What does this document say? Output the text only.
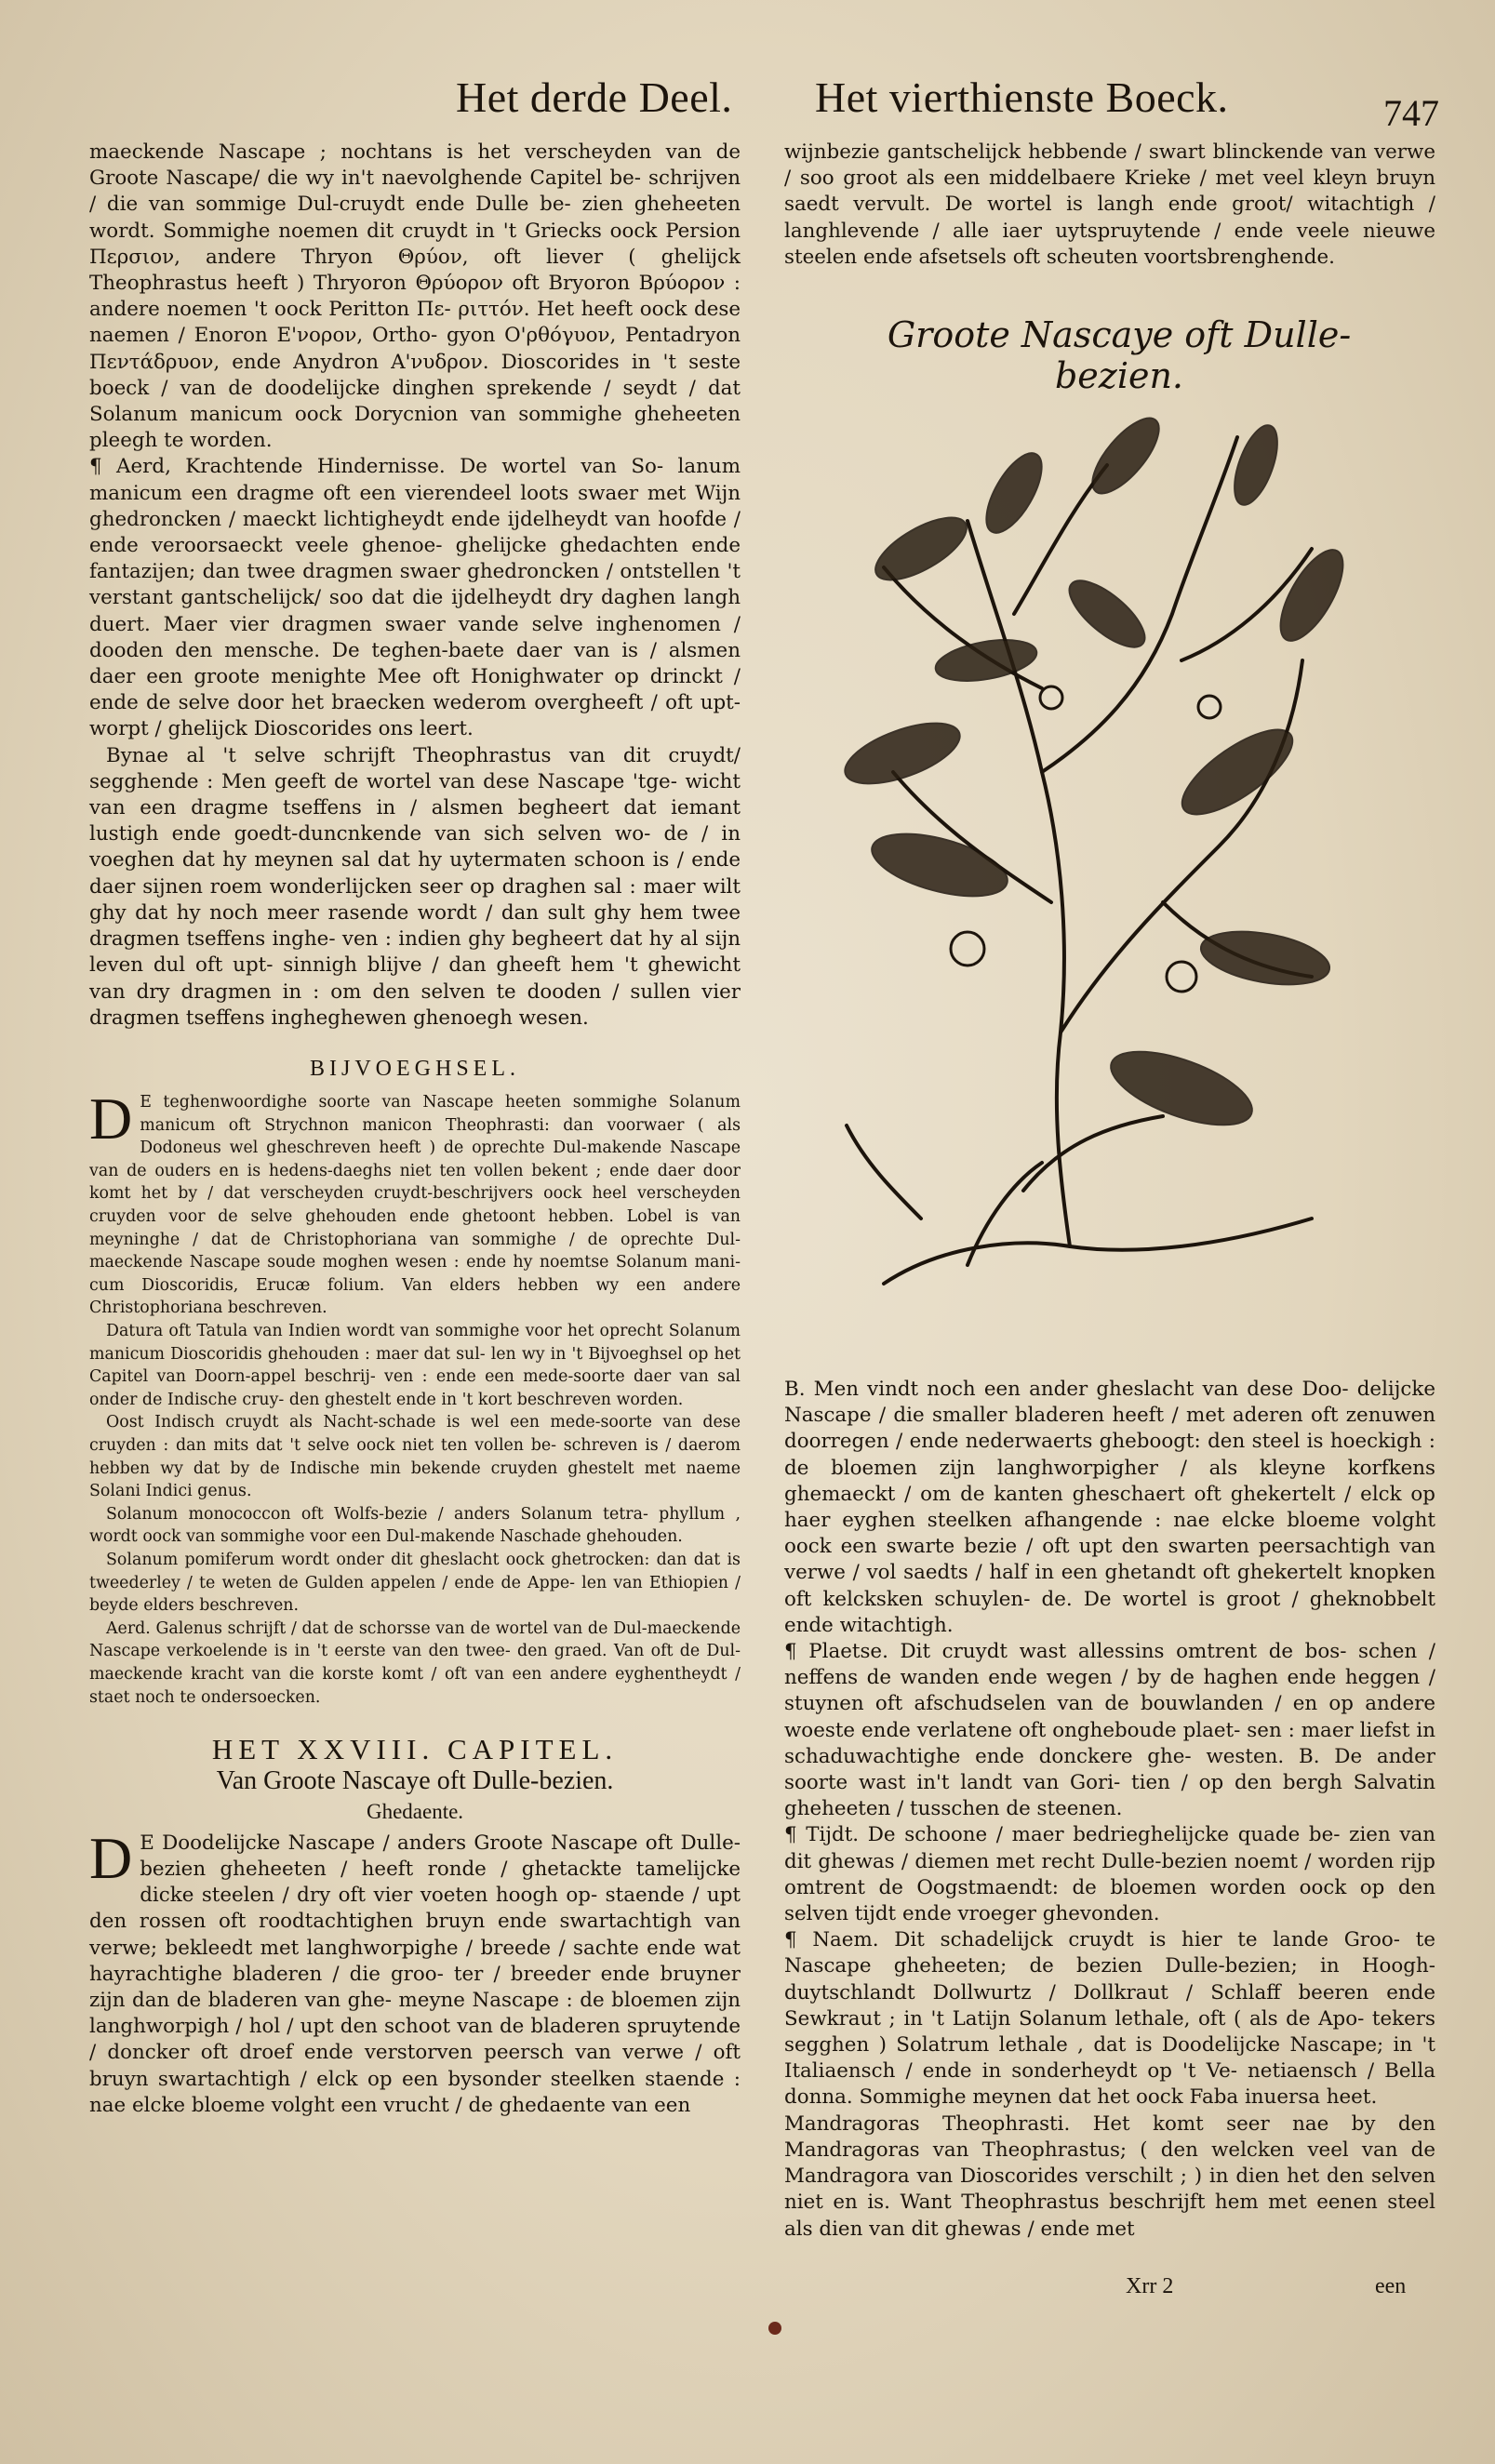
Het derde Deel. Het vierthienste Boeck.	747

maeckende Nascape ; nochtans is het verscheyden van de Groote Nascape/ die wy in't naevolghende Capitel be- schrijven / die van sommige Dul-cruydt ende Dulle be- zien gheheeten wordt. Sommighe noemen dit cruydt in 't Griecks oock Persion Περσιον, andere Thryon Θρύον, oft liever ( ghelijck Theophrastus heeft ) Thryoron Θρύορον oft Bryoron Βρύορον : andere noemen 't oock Peritton Πε- ριττόν. Het heeft oock dese naemen / Enoron Ε'νορον, Ortho- gyon Ο'ρθόγυον, Pentadryon Πεντάδρυον, ende Anydron Α'νυδρον. Dioscorides in 't seste boeck / van de doodelijcke dinghen sprekende / seydt / dat Solanum manicum oock Dorycnion van sommighe gheheeten pleegh te worden.

¶ Aerd, Krachtende Hindernisse. De wortel van So- lanum manicum een dragme oft een vierendeel loots swaer met Wijn ghedroncken / maeckt lichtigheydt ende ijdelheydt van hoofde / ende veroorsaeckt veele ghenoe- ghelijcke ghedachten ende fantazijen; dan twee dragmen swaer ghedroncken / ontstellen 't verstant gantschelijck/ soo dat die ijdelheydt dry daghen langh duert. Maer vier dragmen swaer vande selve inghenomen / dooden den mensche. De teghen-baete daer van is / alsmen daer een groote menighte Mee oft Honighwater op drinckt / ende de selve door het braecken wederom overgheeft / oft upt- worpt / ghelijck Dioscorides ons leert.

Bynae al 't selve schrijft Theophrastus van dit cruydt/ segghende : Men geeft de wortel van dese Nascape 'tge- wicht van een dragme tseffens in / alsmen begheert dat iemant lustigh ende goedt-duncnkende van sich selven wo- de / in voeghen dat hy meynen sal dat hy uytermaten schoon is / ende daer sijnen roem wonderlijcken seer op draghen sal : maer wilt ghy dat hy noch meer rasende wordt / dan sult ghy hem twee dragmen tseffens inghe- ven : indien ghy begheert dat hy al sijn leven dul oft upt- sinnigh blijve / dan gheeft hem 't ghewicht van dry dragmen in : om den selven te dooden / sullen vier dragmen tseffens ingheghewen ghenoegh wesen.

BIJVOEGHSEL.

D E teghenwoordighe soorte van Nascape heeten sommighe Solanum manicum oft Strychnon manicon Theophrasti: dan voorwaer ( als Dodoneus wel gheschreven heeft ) de oprechte Dul-makende Nascape van de ouders en is hedens-daeghs niet ten vollen bekent ; ende daer door komt het by / dat verscheyden cruydt-beschrijvers oock heel verscheyden cruyden voor de selve ghehouden ende ghetoont hebben. Lobel is van meyninghe / dat de Christophoriana van sommighe / de oprechte Dul-maeckende Nascape soude moghen wesen : ende hy noemtse Solanum mani- cum Dioscoridis, Erucæ folium. Van elders hebben wy een andere Christophoriana beschreven.

Datura oft Tatula van Indien wordt van sommighe voor het oprecht Solanum manicum Dioscoridis ghehouden : maer dat sul- len wy in 't Bijvoeghsel op het Capitel van Doorn-appel beschrij- ven : ende een mede-soorte daer van sal onder de Indische cruy- den ghestelt ende in 't kort beschreven worden.

Oost Indisch cruydt als Nacht-schade is wel een mede-soorte van dese cruyden : dan mits dat 't selve oock niet ten vollen be- schreven is / daerom hebben wy dat by de Indische min bekende cruyden ghestelt met naeme Solani Indici genus.

Solanum monococcon oft Wolfs-bezie / anders Solanum tetra- phyllum , wordt oock van sommighe voor een Dul-makende Naschade ghehouden.

Solanum pomiferum wordt onder dit gheslacht oock ghetrocken: dan dat is tweederley / te weten de Gulden appelen / ende de Appe- len van Ethiopien / beyde elders beschreven.

Aerd. Galenus schrijft / dat de schorsse van de wortel van de Dul-maeckende Nascape verkoelende is in 't eerste van den twee- den graed. Van oft de Dul-maeckende kracht van die korste komt / oft van een andere eyghentheydt / staet noch te ondersoecken.

HET XXVIII. CAPITEL.
Van Groote Nascaye oft Dulle-bezien.
Ghedaente.

D E Doodelijcke Nascape / anders Groote Nascape oft Dulle-bezien gheheeten / heeft ronde / ghetackte tamelijcke dicke steelen / dry oft vier voeten hoogh op- staende / upt den rossen oft roodtachtighen bruyn ende swartachtigh van verwe; bekleedt met langhworpighe / breede / sachte ende wat hayrachtighe bladeren / die groo- ter / breeder ende bruyner zijn dan de bladeren van ghe- meyne Nascape : de bloemen zijn langhworpigh / hol / upt den schoot van de bladeren spruytende / doncker oft droef ende verstorven peersch van verwe / oft bruyn swartachtigh / elck op een bysonder steelken staende : nae elcke bloeme volght een vrucht / de ghedaente van een

wijnbezie gantschelijck hebbende / swart blinckende van verwe / soo groot als een middelbaere Krieke / met veel kleyn bruyn saedt vervult. De wortel is langh ende groot/ witachtigh / langhlevende / alle iaer uytspruytende / ende veele nieuwe steelen ende afsetsels oft scheuten voortsbrenghende.

Groote Nascaye oft Dulle-bezien.

B. Men vindt noch een ander gheslacht van dese Doo- delijcke Nascape / die smaller bladeren heeft / met aderen oft zenuwen doorregen / ende nederwaerts gheboogt: den steel is hoeckigh : de bloemen zijn langhworpigher / als kleyne korfkens ghemaeckt / om de kanten gheschaert oft ghekertelt / elck op haer eyghen steelken afhangende : nae elcke bloeme volght oock een swarte bezie / oft upt den swarten peersachtigh van verwe / vol saedts / half in een ghetandt oft ghekertelt knopken oft kelcksken schuylen- de. De wortel is groot / gheknobbelt ende witachtigh.

¶ Plaetse. Dit cruydt wast allessins omtrent de bos- schen / neffens de wanden ende wegen / by de haghen ende heggen / stuynen oft afschudselen van de bouwlanden / en op andere woeste ende verlatene oft ongheboude plaet- sen : maer liefst in schaduwachtighe ende donckere ghe- westen. B. De ander soorte wast in't landt van Gori- tien / op den bergh Salvatin gheheeten / tusschen de steenen.

¶ Tijdt. De schoone / maer bedrieghelijcke quade be- zien van dit ghewas / diemen met recht Dulle-bezien noemt / worden rijp omtrent de Oogstmaendt: de bloemen worden oock op den selven tijdt ende vroeger ghevonden.

¶ Naem. Dit schadelijck cruydt is hier te lande Groo- te Nascape gheheeten; de bezien Dulle-bezien; in Hoogh- duytschlandt Dollwurtz / Dollkraut / Schlaff beeren ende Sewkraut ; in 't Latijn Solanum lethale, oft ( als de Apo- tekers segghen ) Solatrum lethale , dat is Doodelijcke Nascape; in 't Italiaensch / ende in sonderheydt op 't Ve- netiaensch / Bella donna. Sommighe meynen dat het oock Faba inuersa heet.

Mandragoras Theophrasti. Het komt seer nae by den Mandragoras van Theophrastus; ( den welcken veel van de Mandragora van Dioscorides verschilt ; ) in dien het den selven niet en is. Want Theophrastus beschrijft hem met eenen steel als dien van dit ghewas / ende met

Xrr 2	een
